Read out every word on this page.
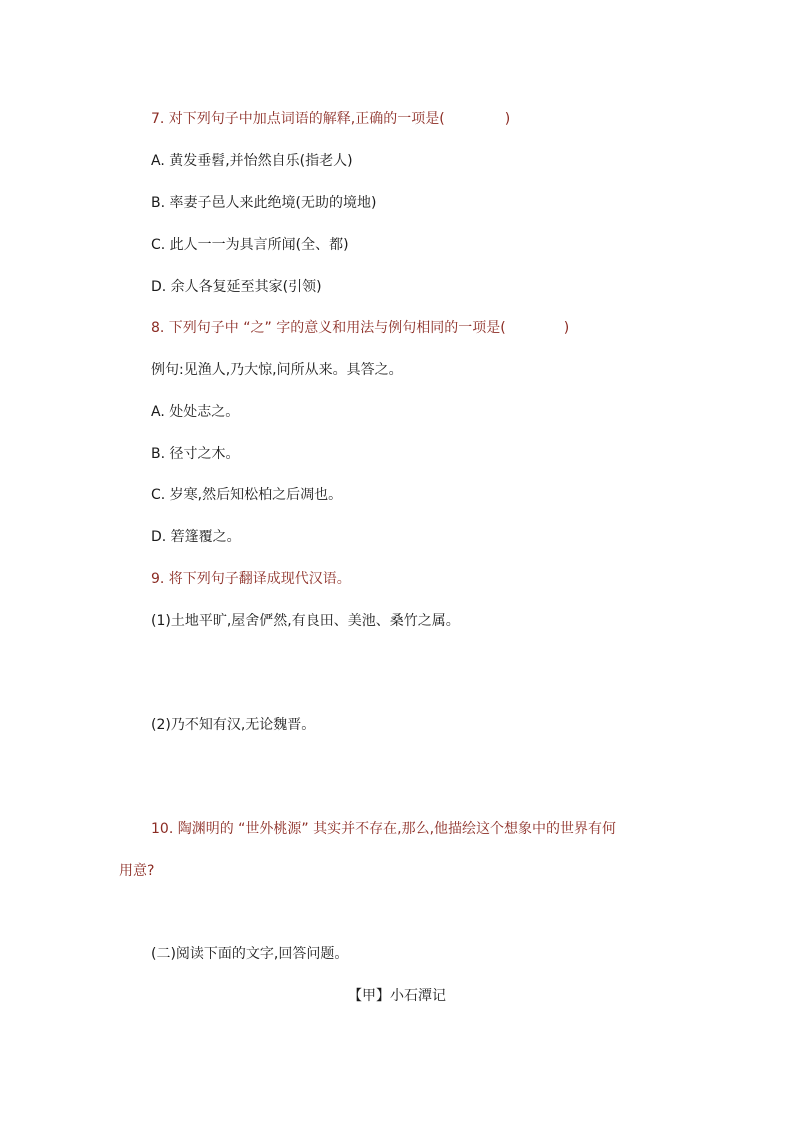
7. 对下列句子中加点词语的解释,正确的一项是(	)
A. 黄发垂髫,并怡然自乐(指老人)
B. 率妻子邑人来此绝境(无助的境地)
C. 此人一一为具言所闻(全、都)
D. 余人各复延至其家(引领)
8. 下列句子中 “之” 字的意义和用法与例句相同的一项是(	)
例句:见渔人,乃大惊,问所从来。具答之。
A. 处处志之。
B. 径寸之木。
C. 岁寒,然后知松柏之后凋也。
D. 箬篷覆之。
9. 将下列句子翻译成现代汉语。
(1)土地平旷,屋舍俨然,有良田、美池、桑竹之属。
(2)乃不知有汉,无论魏晋。
10. 陶渊明的 “世外桃源” 其实并不存在,那么,他描绘这个想象中的世界有何
用意?
(二)阅读下面的文字,回答问题。
【甲】小石潭记
